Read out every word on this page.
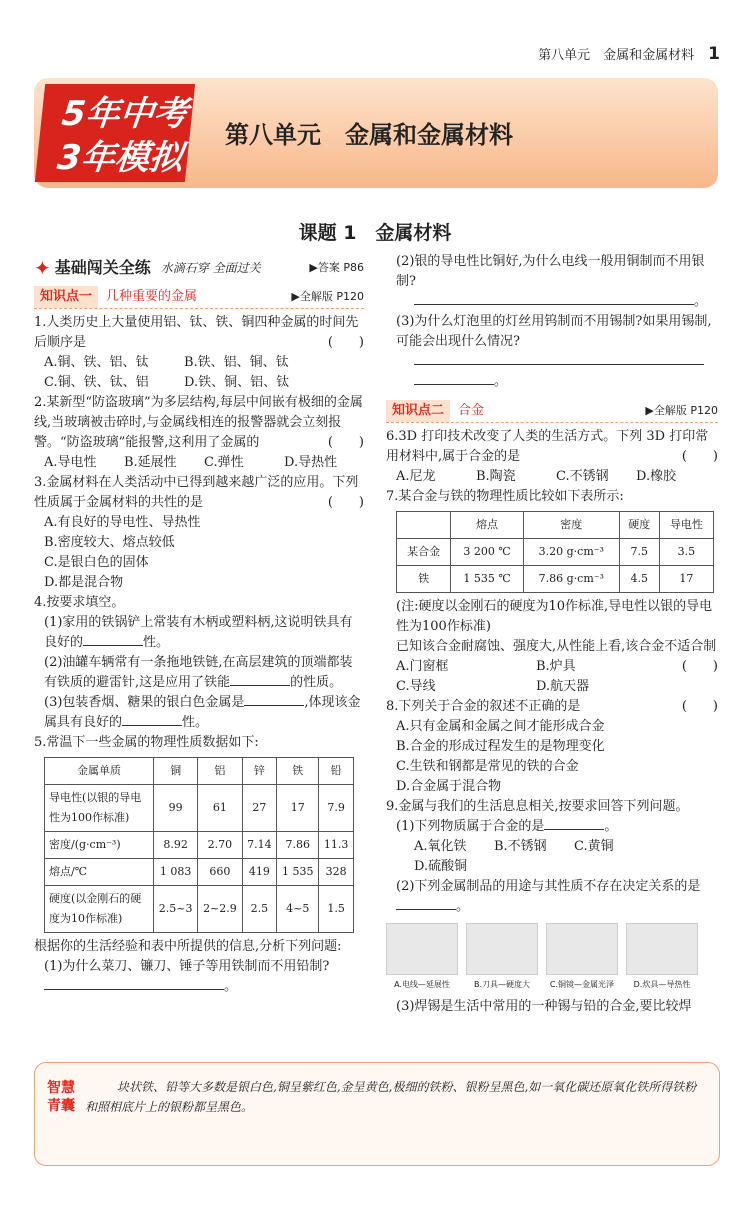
第八单元　金属和金属材料 1
5年中考
3年模拟
第八单元　金属和金属材料
课题 1　金属材料
✦ 基础闯关全练 水滴石穿 全面过关	▶答案 P86
知识点一	几种重要的金属	▶全解版 P120

1.人类历史上大量使用铝、钛、铁、铜四种金属的时间先后顺序是	(　　)

A.铜、铁、铝、钛	B.铁、铝、铜、钛
C.铜、铁、钛、铝	D.铁、铜、铝、钛

2.某新型“防盗玻璃”为多层结构,每层中间嵌有极细的金属线,当玻璃被击碎时,与金属线相连的报警器就会立刻报警。“防盗玻璃”能报警,这利用了金属的	(　　)

A.导电性	B.延展性	C.弹性	D.导热性

3.金属材料在人类活动中已得到越来越广泛的应用。下列性质属于金属材料的共性的是	(　　)

A.有良好的导电性、导热性

B.密度较大、熔点较低

C.是银白色的固体

D.都是混合物

4.按要求填空。

(1)家用的铁锅铲上常装有木柄或塑料柄,这说明铁具有良好的	性。

(2)油罐车辆常有一条拖地铁链,在高层建筑的顶端都装有铁质的避雷针,这是应用了铁能	的性质。

(3)包装香烟、糖果的银白色金属是	,体现该金属具有良好的	性。

5.常温下一些金属的物理性质数据如下:

金属单质	铜	铝	锌	铁	铅
导电性(以银的导电性为100作标准)	99	61	27	17	7.9
密度/(g·cm⁻³)	8.92	2.70	7.14	7.86	11.3
熔点/℃	1 083	660	419	1 535	328
硬度(以金刚石的硬度为10作标准)	2.5~3	2~2.9	2.5	4~5	1.5

根据你的生活经验和表中所提供的信息,分析下列问题:

(1)为什么菜刀、镰刀、锤子等用铁制而不用铅制?。

(2)银的导电性比铜好,为什么电线一般用铜制而不用银制?

。

(3)为什么灯泡里的灯丝用钨制而不用锡制?如果用锡制,可能会出现什么情况?

。

知识点二	合金	▶全解版 P120

6.3D 打印技术改变了人类的生活方式。下列 3D 打印常用材料中,属于合金的是	(　　)

A.尼龙	B.陶瓷	C.不锈钢	D.橡胶

7.某合金与铁的物理性质比较如下表所示:

	熔点	密度	硬度	导电性
某合金	3 200 ℃	3.20 g·cm⁻³	7.5	3.5
铁	1 535 ℃	7.86 g·cm⁻³	4.5	17

(注:硬度以金刚石的硬度为10作标准,导电性以银的导电性为100作标准)

已知该合金耐腐蚀、强度大,从性能上看,该合金不适合制
(　　)

A.门窗框	B.炉具
C.导线	D.航天器

8.下列关于合金的叙述不正确的是	(　　)

A.只有金属和金属之间才能形成合金

B.合金的形成过程发生的是物理变化

C.生铁和钢都是常见的铁的合金

D.合金属于混合物

9.金属与我们的生活息息相关,按要求回答下列问题。

(1)下列物质属于合金的是	。

A.氧化铁	B.不锈钢	C.黄铜
D.硫酸铜

(2)下列金属制品的用途与其性质不存在决定关系的是。

A.电线—延展性	B.刀具—硬度大	C.铜镜—金属光泽	D.炊具—导热性

(3)焊锡是生活中常用的一种锡与铅的合金,要比较焊

智慧
青囊
块状铁、铅等大多数是银白色,铜呈紫红色,金呈黄色,极细的铁粉、银粉呈黑色,如一氧化碳还原氧化铁所得铁粉和照相底片上的银粉都呈黑色。
